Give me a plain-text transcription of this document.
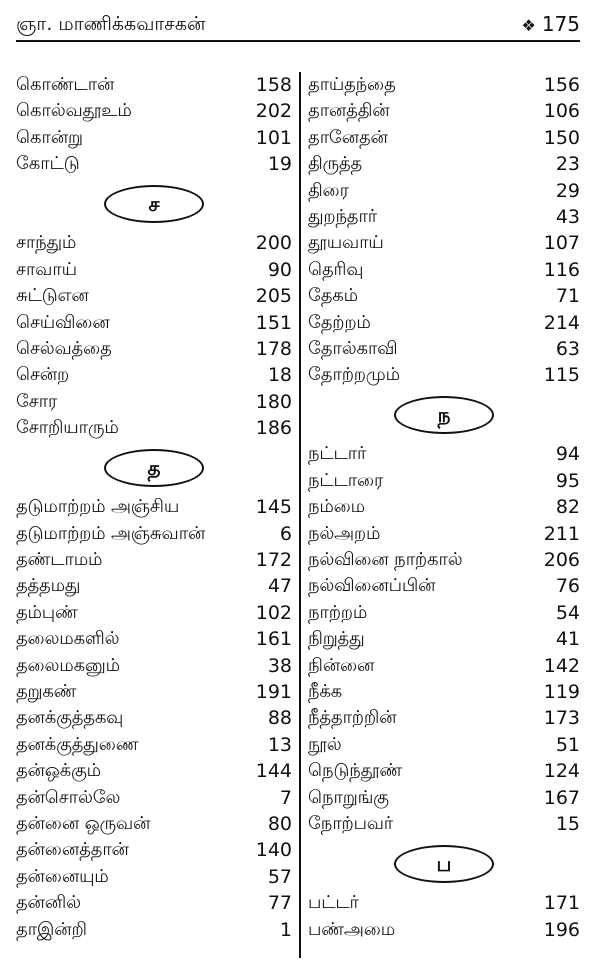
ஞா. மாணிக்கவாசகன்	❖ 175
கொண்டான்	158
கொல்வதூஉம்	202
கொன்று	101
கோட்டு	19
ச
சாந்தும்	200
சாவாய்	90
சுட்டுஎன	205
செய்வினை	151
செல்வத்தை	178
சென்ற	18
சோர	180
சோறியாரும்	186
த
தடுமாற்றம் அஞ்சிய	145
தடுமாற்றம் அஞ்சுவான்	6
தண்டாமம்	172
தத்தமது	47
தம்புண்	102
தலைமகளில்	161
தலைமகனும்	38
தறுகண்	191
தனக்குத்தகவு	88
தனக்குத்துணை	13
தன்ஒக்கும்	144
தன்சொல்லே	7
தன்னை ஒருவன்	80
தன்னைத்தான்	140
தன்னையும்	57
தன்னில்	77
தாஇன்றி	1
தாய்தந்தை	156
தானத்தின்	106
தானேதன்	150
திருத்த	23
திரை	29
துறந்தார்	43
தூயவாய்	107
தெரிவு	116
தேகம்	71
தேற்றம்	214
தோல்காவி	63
தோற்றமும்	115
ந
நட்டார்	94
நட்டாரை	95
நம்மை	82
நல்அறம்	211
நல்வினை நாற்கால்	206
நல்வினைப்பின்	76
நாற்றம்	54
நிறுத்து	41
நின்னை	142
நீக்க	119
நீத்தாற்றின்	173
நூல்	51
நெடுந்தூண்	124
நொறுங்கு	167
நோற்பவர்	15
ப
பட்டர்	171
பண்அமை	196
